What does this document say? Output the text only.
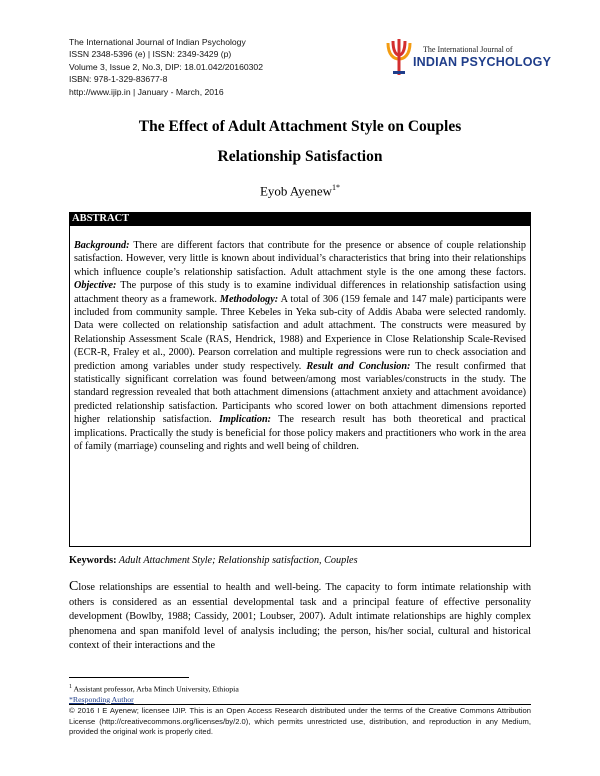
The International Journal of Indian Psychology
ISSN 2348-5396 (e) | ISSN: 2349-3429 (p)
Volume 3, Issue 2, No.3, DIP: 18.01.042/20160302
ISBN: 978-1-329-83677-8
http://www.ijip.in | January - March, 2016
The International Journal of
INDIAN PSYCHOLOGY
The Effect of Adult Attachment Style on Couples
Relationship Satisfaction
Eyob Ayenew$^{1*}$
ABSTRACT
Background: There are different factors that contribute for the presence or absence of couple relationship satisfaction. However, very little is known about individual’s characteristics that bring into their relationships which influence couple’s relationship satisfaction. Adult attachment style is the one among these factors. Objective: The purpose of this study is to examine individual differences in relationship satisfaction using attachment theory as a framework. Methodology: A total of 306 (159 female and 147 male) participants were included from community sample. Three Kebeles in Yeka sub-city of Addis Ababa were selected randomly. Data were collected on relationship satisfaction and adult attachment. The constructs were measured by Relationship Assessment Scale (RAS, Hendrick, 1988) and Experience in Close Relationship Scale-Revised (ECR-R, Fraley et al., 2000). Pearson correlation and multiple regressions were run to check association and prediction among variables under study respectively. Result and Conclusion: The result confirmed that statistically significant correlation was found between/among most variables/constructs in the study. The standard regression revealed that both attachment dimensions (attachment anxiety and attachment avoidance) predicted relationship satisfaction. Participants who scored lower on both attachment dimensions reported higher relationship satisfaction. Implication: The research result has both theoretical and practical implications. Practically the study is beneficial for those policy makers and practitioners who work in the area of family (marriage) counseling and rights and well being of children.
Keywords: Adult Attachment Style; Relationship satisfaction, Couples
Close relationships are essential to health and well-being. The capacity to form intimate relationship with others is considered as an essential developmental task and a principal feature of effective personality development (Bowlby, 1988; Cassidy, 2001; Loubser, 2007). Adult intimate relationships are highly complex phenomena and span manifold level of analysis including; the person, his/her social, cultural and historical context of their interactions and the
$^1$ Assistant professor, Arba Minch University, Ethiopia
*Responding Author
© 2016 I E Ayenew; licensee IJIP. This is an Open Access Research distributed under the terms of the Creative Commons Attribution License (http://creativecommons.org/licenses/by/2.0), which permits unrestricted use, distribution, and reproduction in any Medium, provided the original work is properly cited.
